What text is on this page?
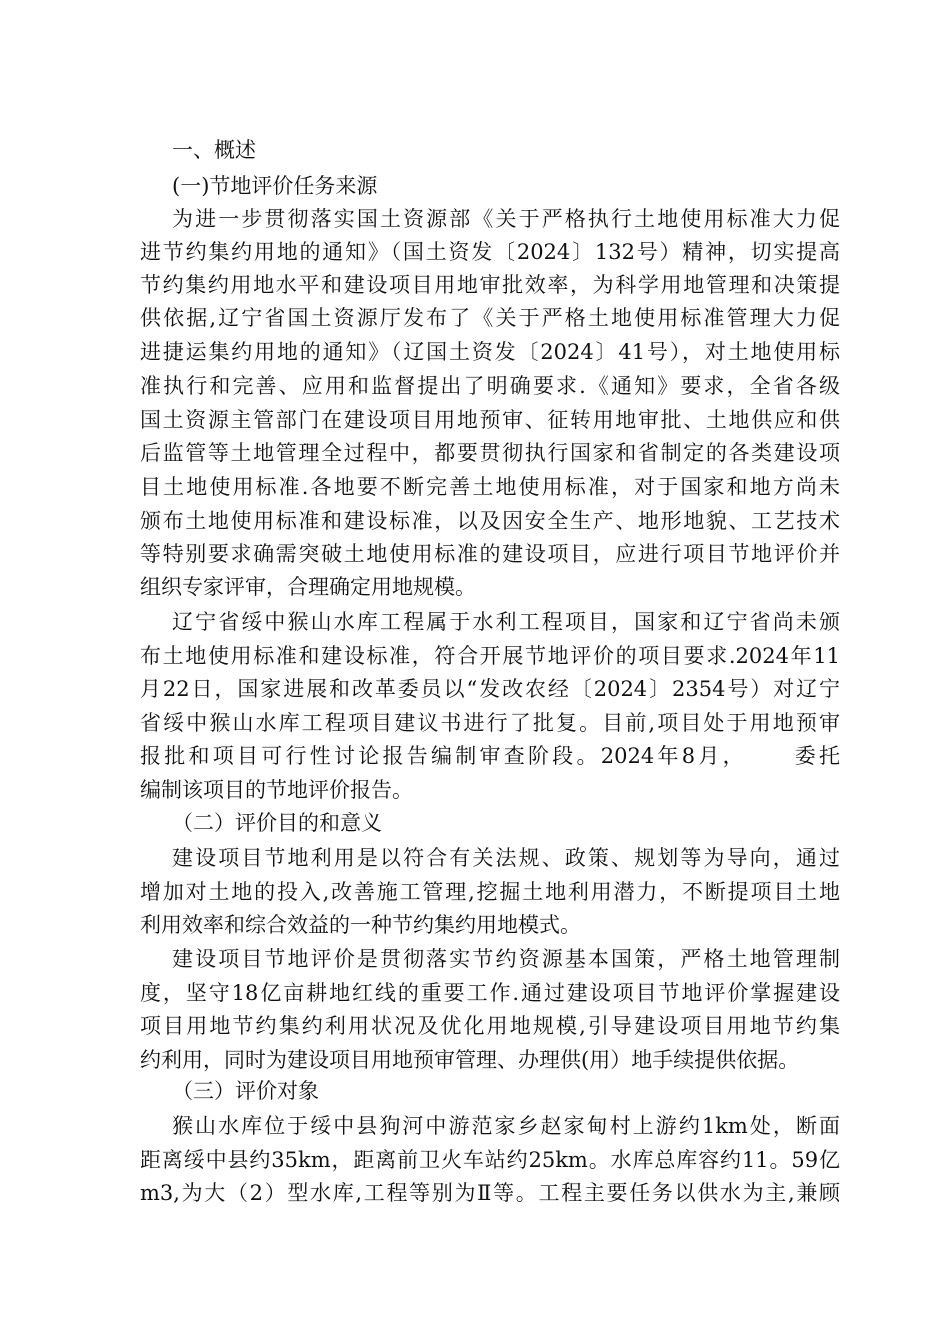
一、概述
(一)节地评价任务来源
为进一步贯彻落实国土资源部《关于严格执行土地使用标准大力促
进节约集约用地的通知》（国土资发〔2024〕132号）精神，切实提高
节约集约用地水平和建设项目用地审批效率，为科学用地管理和决策提
供依据,辽宁省国土资源厅发布了《关于严格土地使用标准管理大力促
进捷运集约用地的通知》（辽国土资发〔2024〕41号），对土地使用标
准执行和完善、应用和监督提出了明确要求.《通知》要求，全省各级
国土资源主管部门在建设项目用地预审、征转用地审批、土地供应和供
后监管等土地管理全过程中，都要贯彻执行国家和省制定的各类建设项
目土地使用标准.各地要不断完善土地使用标准，对于国家和地方尚未
颁布土地使用标准和建设标准，以及因安全生产、地形地貌、工艺技术
等特别要求确需突破土地使用标准的建设项目，应进行项目节地评价并
组织专家评审，合理确定用地规模。
辽宁省绥中猴山水库工程属于水利工程项目，国家和辽宁省尚未颁
布土地使用标准和建设标准，符合开展节地评价的项目要求.2024年11
月22日，国家进展和改革委员以“发改农经〔2024〕2354号）对辽宁
省绥中猴山水库工程项目建议书进行了批复。目前,项目处于用地预审
报批和项目可行性讨论报告编制审查阶段。2024年8月，　　 委托
编制该项目的节地评价报告。
（二）评价目的和意义
建设项目节地利用是以符合有关法规、政策、规划等为导向，通过
增加对土地的投入,改善施工管理,挖掘土地利用潜力，不断提项目土地
利用效率和综合效益的一种节约集约用地模式。
建设项目节地评价是贯彻落实节约资源基本国策，严格土地管理制
度，坚守18亿亩耕地红线的重要工作.通过建设项目节地评价掌握建设
项目用地节约集约利用状况及优化用地规模,引导建设项目用地节约集
约利用，同时为建设项目用地预审管理、办理供(用）地手续提供依据。
（三）评价对象
猴山水库位于绥中县狗河中游范家乡赵家甸村上游约1km处，断面
距离绥中县约35km，距离前卫火车站约25km。水库总库容约11。59亿
m3,为大（2）型水库,工程等别为Ⅱ等。工程主要任务以供水为主,兼顾
